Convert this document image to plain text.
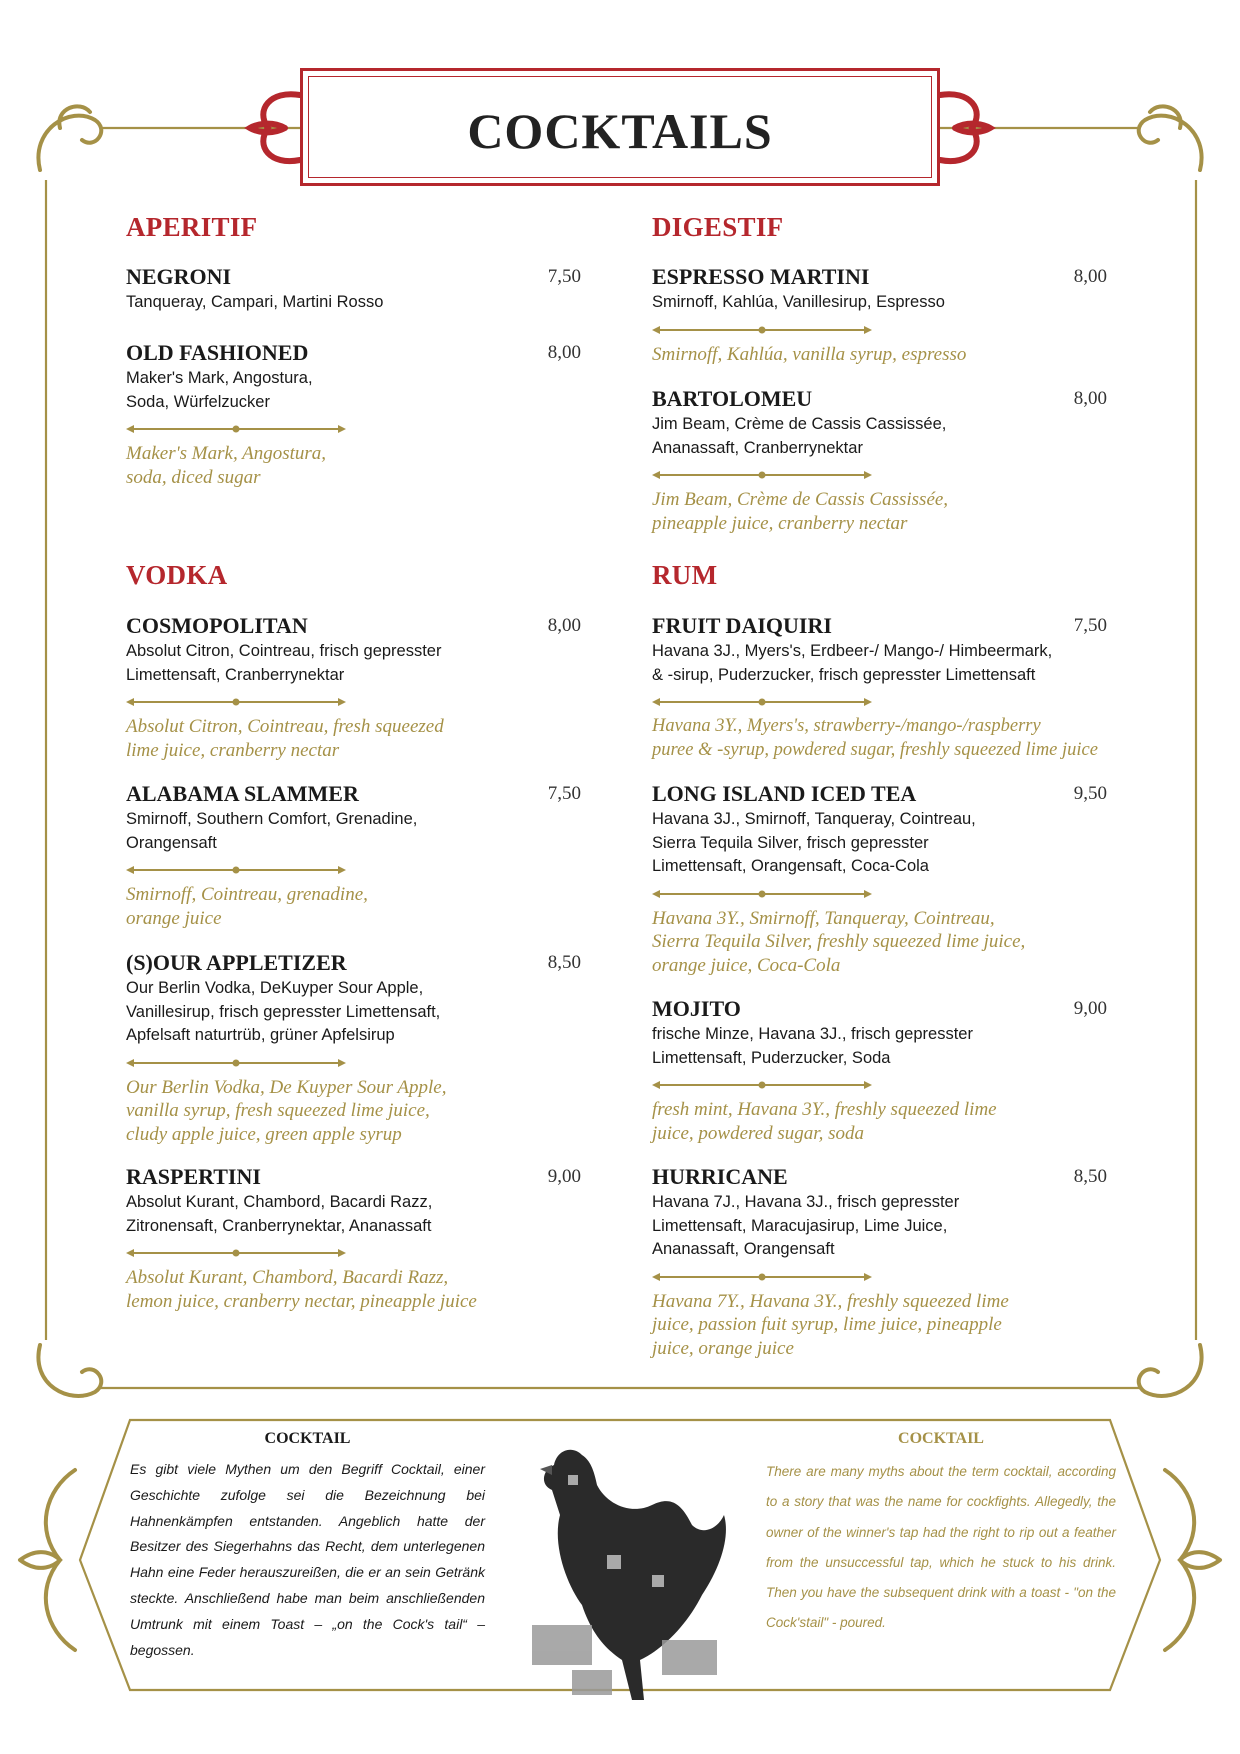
COCKTAILS
APERITIF
NEGRONI	7,50
Tanqueray, Campari, Martini Rosso
OLD FASHIONED	8,00
Maker's Mark, Angostura,
Soda, Würfelzucker
Maker's Mark, Angostura,
soda, diced sugar
DIGESTIF
ESPRESSO MARTINI	8,00
Smirnoff, Kahlúa, Vanillesirup, Espresso
Smirnoff, Kahlúa, vanilla syrup, espresso
BARTOLOMEU	8,00
Jim Beam, Crème de Cassis Cassissée,
Ananassaft, Cranberrynektar
Jim Beam, Crème de Cassis Cassissée,
pineapple juice, cranberry nectar
VODKA
COSMOPOLITAN	8,00
Absolut Citron, Cointreau, frisch gepresster
Limettensaft, Cranberrynektar
Absolut Citron, Cointreau, fresh squeezed
lime juice, cranberry nectar
ALABAMA SLAMMER	7,50
Smirnoff, Southern Comfort, Grenadine,
Orangensaft
Smirnoff, Cointreau, grenadine,
orange juice
(S)OUR APPLETIZER	8,50
Our Berlin Vodka, DeKuyper Sour Apple,
Vanillesirup, frisch gepresster Limettensaft,
Apfelsaft naturtrüb, grüner Apfelsirup
Our Berlin Vodka, De Kuyper Sour Apple,
vanilla syrup, fresh squeezed lime juice,
cludy apple juice, green apple syrup
RASPERTINI	9,00
Absolut Kurant, Chambord, Bacardi Razz,
Zitronensaft, Cranberrynektar, Ananassaft
Absolut Kurant, Chambord, Bacardi Razz,
lemon juice, cranberry nectar, pineapple juice
RUM
FRUIT DAIQUIRI	7,50
Havana 3J., Myers's, Erdbeer-/ Mango-/ Himbeermark,
& -sirup, Puderzucker, frisch gepresster Limettensaft
Havana 3Y., Myers's, strawberry-/mango-/raspberry
puree & -syrup, powdered sugar, freshly squeezed lime juice
LONG ISLAND ICED TEA	9,50
Havana 3J., Smirnoff, Tanqueray, Cointreau,
Sierra Tequila Silver, frisch gepresster
Limettensaft, Orangensaft, Coca-Cola
Havana 3Y., Smirnoff, Tanqueray, Cointreau,
Sierra Tequila Silver, freshly squeezed lime juice,
orange juice, Coca-Cola
MOJITO	9,00
frische Minze, Havana 3J., frisch gepresster
Limettensaft, Puderzucker, Soda
fresh mint, Havana 3Y., freshly squeezed lime
juice, powdered sugar, soda
HURRICANE	8,50
Havana 7J., Havana 3J., frisch gepresster
Limettensaft, Maracujasirup, Lime Juice,
Ananassaft, Orangensaft
Havana 7Y., Havana 3Y., freshly squeezed lime
juice, passion fuit syrup, lime juice, pineapple
juice, orange juice
COCKTAIL
Es gibt viele Mythen um den Begriff Cocktail, einer Geschichte zufolge sei die Bezeichnung bei Hahnenkämpfen entstanden. Angeblich hatte der Besitzer des Siegerhahns das Recht, dem unterlegenen Hahn eine Feder herauszureißen, die er an sein Getränk steckte. Anschließend habe man beim anschließenden Umtrunk mit einem Toast – „on the Cock's tail“ – begossen.
COCKTAIL
There are many myths about the term cocktail, according to a story that was the name for cockfights. Allegedly, the owner of the winner's tap had the right to rip out a feather from the unsuccessful tap, which he stuck to his drink. Then you have the subsequent drink with a toast - "on the Cock'stail" - poured.
